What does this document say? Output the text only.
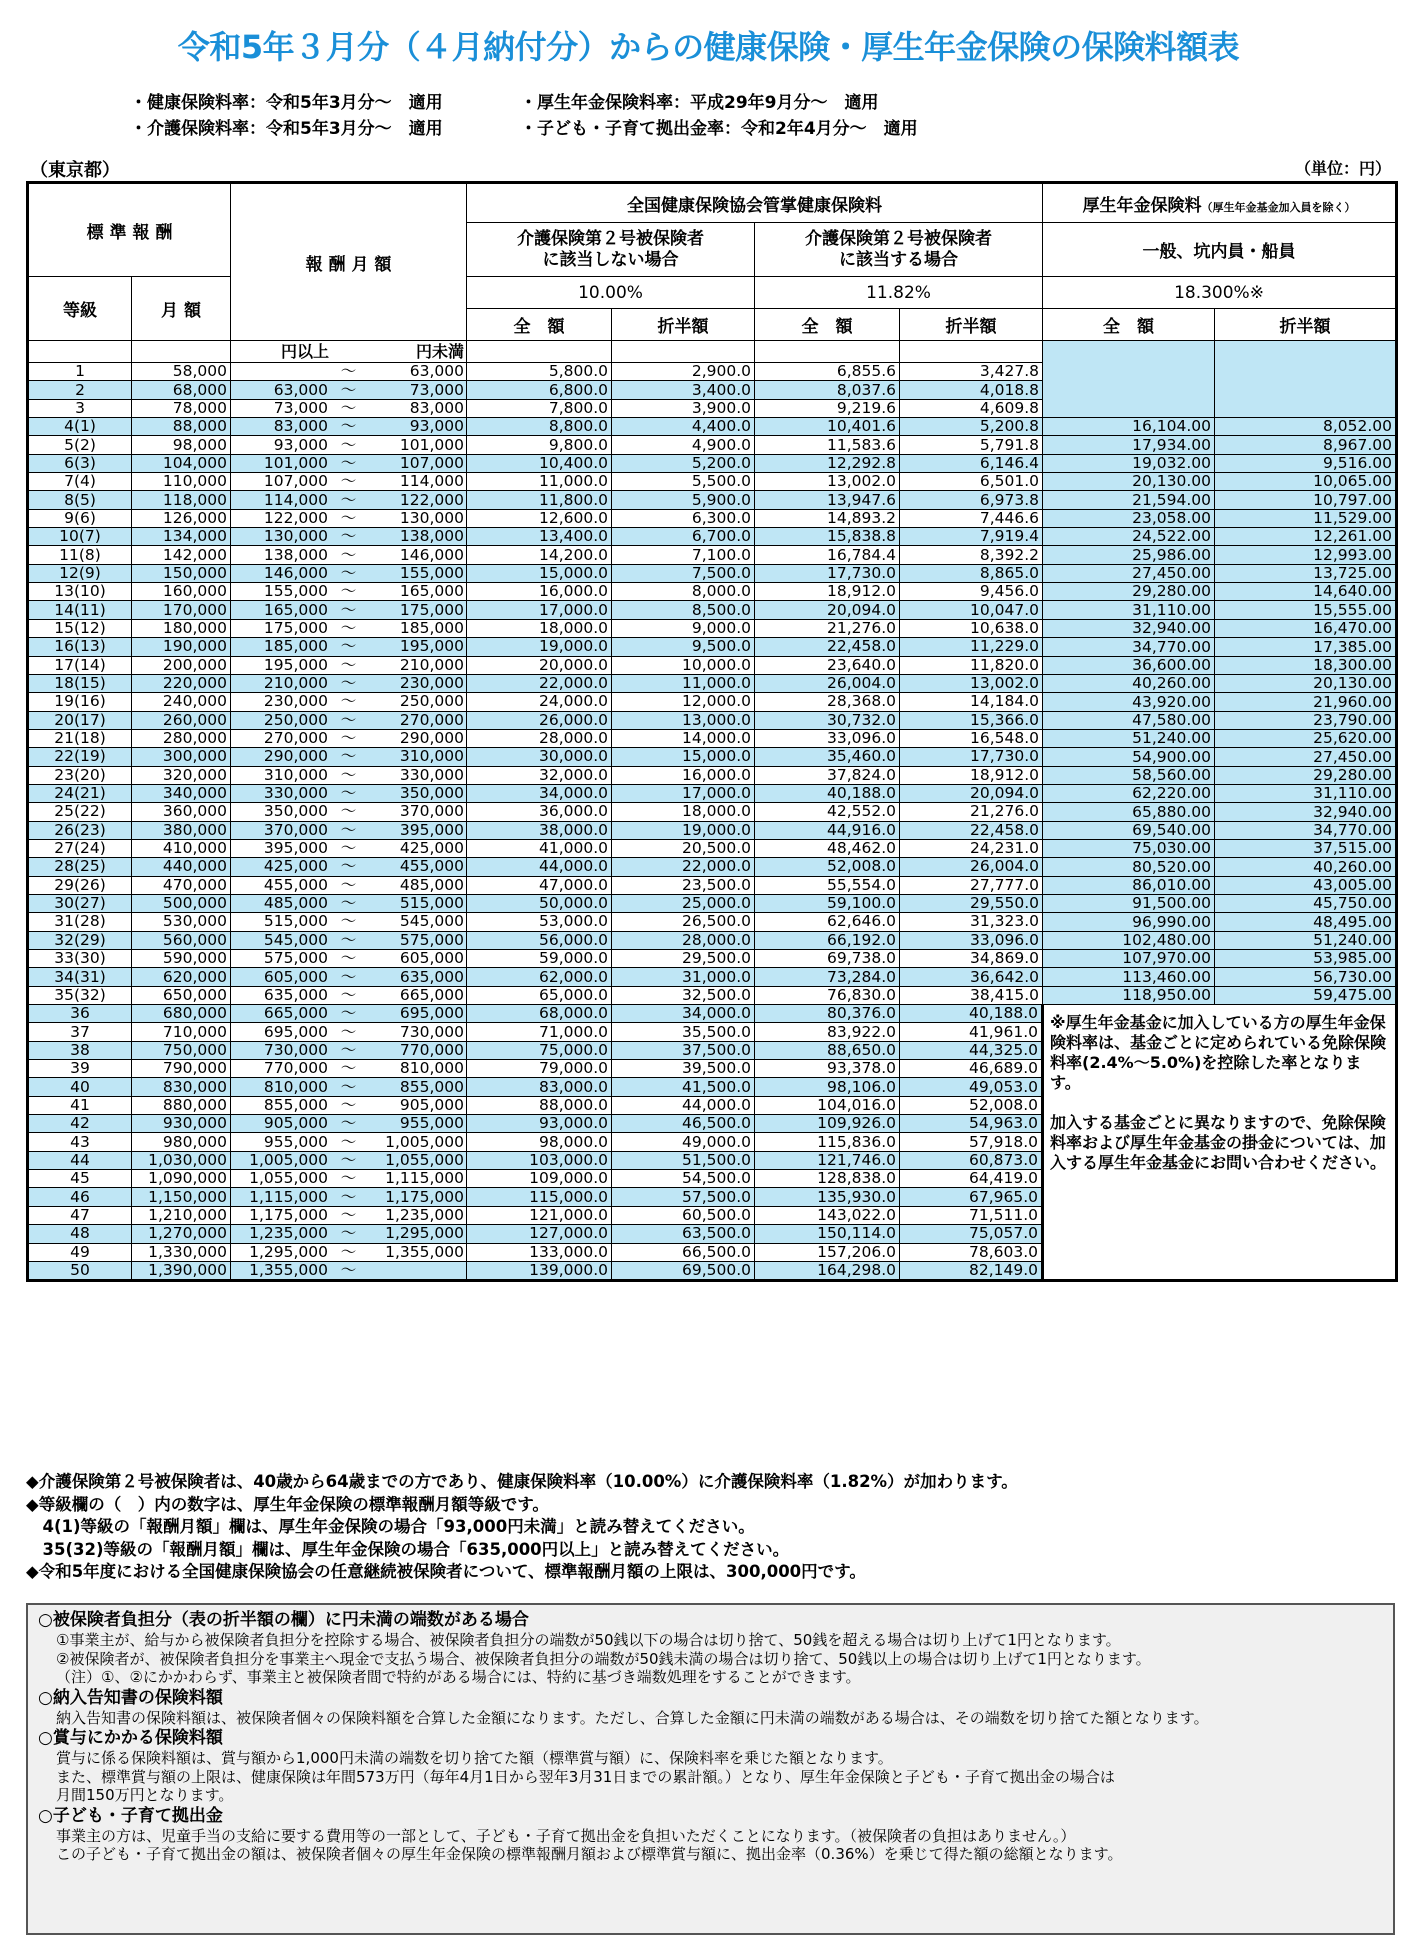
令和5年３月分（４月納付分）からの健康保険・厚生年金保険の保険料額表
・健康保険料率：令和5年3月分～　適用	・厚生年金保険料率：平成29年9月分～　適用
・介護保険料率：令和5年3月分～　適用	・子ども・子育て拠出金率：令和2年4月分～　適用
（東京都）	（単位：円）
標 準 報 酬		報 酬 月 額	全国健康保険協会管掌健康保険料				厚生年金保険料（厚生年金基金加入員を除く）	
			介護保険第２号被保険者
に該当しない場合		介護保険第２号被保険者
に該当する場合		一般、坑内員・船員	
等級	月 額		10.00%		11.82%		18.300%※	
			全　額	折半額	全　額	折半額	全　額	折半額
		円以上 円未満						

1	58,000	～ 63,000	5,800.0	2,900.0	6,855.6	3,427.8		
2	68,000	63,000 ～ 73,000	6,800.0	3,400.0	8,037.6	4,018.8		
3	78,000	73,000 ～ 83,000	7,800.0	3,900.0	9,219.6	4,609.8		
4(1)	88,000	83,000 ～ 93,000	8,800.0	4,400.0	10,401.6	5,200.8	16,104.00	8,052.00
5(2)	98,000	93,000 ～ 101,000	9,800.0	4,900.0	11,583.6	5,791.8	17,934.00	8,967.00
6(3)	104,000	101,000 ～ 107,000	10,400.0	5,200.0	12,292.8	6,146.4	19,032.00	9,516.00
7(4)	110,000	107,000 ～ 114,000	11,000.0	5,500.0	13,002.0	6,501.0	20,130.00	10,065.00
8(5)	118,000	114,000 ～ 122,000	11,800.0	5,900.0	13,947.6	6,973.8	21,594.00	10,797.00
9(6)	126,000	122,000 ～ 130,000	12,600.0	6,300.0	14,893.2	7,446.6	23,058.00	11,529.00
10(7)	134,000	130,000 ～ 138,000	13,400.0	6,700.0	15,838.8	7,919.4	24,522.00	12,261.00
11(8)	142,000	138,000 ～ 146,000	14,200.0	7,100.0	16,784.4	8,392.2	25,986.00	12,993.00
12(9)	150,000	146,000 ～ 155,000	15,000.0	7,500.0	17,730.0	8,865.0	27,450.00	13,725.00
13(10)	160,000	155,000 ～ 165,000	16,000.0	8,000.0	18,912.0	9,456.0	29,280.00	14,640.00
14(11)	170,000	165,000 ～ 175,000	17,000.0	8,500.0	20,094.0	10,047.0	31,110.00	15,555.00
15(12)	180,000	175,000 ～ 185,000	18,000.0	9,000.0	21,276.0	10,638.0	32,940.00	16,470.00
16(13)	190,000	185,000 ～ 195,000	19,000.0	9,500.0	22,458.0	11,229.0	34,770.00	17,385.00
17(14)	200,000	195,000 ～ 210,000	20,000.0	10,000.0	23,640.0	11,820.0	36,600.00	18,300.00
18(15)	220,000	210,000 ～ 230,000	22,000.0	11,000.0	26,004.0	13,002.0	40,260.00	20,130.00
19(16)	240,000	230,000 ～ 250,000	24,000.0	12,000.0	28,368.0	14,184.0	43,920.00	21,960.00
20(17)	260,000	250,000 ～ 270,000	26,000.0	13,000.0	30,732.0	15,366.0	47,580.00	23,790.00
21(18)	280,000	270,000 ～ 290,000	28,000.0	14,000.0	33,096.0	16,548.0	51,240.00	25,620.00
22(19)	300,000	290,000 ～ 310,000	30,000.0	15,000.0	35,460.0	17,730.0	54,900.00	27,450.00
23(20)	320,000	310,000 ～ 330,000	32,000.0	16,000.0	37,824.0	18,912.0	58,560.00	29,280.00
24(21)	340,000	330,000 ～ 350,000	34,000.0	17,000.0	40,188.0	20,094.0	62,220.00	31,110.00
25(22)	360,000	350,000 ～ 370,000	36,000.0	18,000.0	42,552.0	21,276.0	65,880.00	32,940.00
26(23)	380,000	370,000 ～ 395,000	38,000.0	19,000.0	44,916.0	22,458.0	69,540.00	34,770.00
27(24)	410,000	395,000 ～ 425,000	41,000.0	20,500.0	48,462.0	24,231.0	75,030.00	37,515.00
28(25)	440,000	425,000 ～ 455,000	44,000.0	22,000.0	52,008.0	26,004.0	80,520.00	40,260.00
29(26)	470,000	455,000 ～ 485,000	47,000.0	23,500.0	55,554.0	27,777.0	86,010.00	43,005.00
30(27)	500,000	485,000 ～ 515,000	50,000.0	25,000.0	59,100.0	29,550.0	91,500.00	45,750.00
31(28)	530,000	515,000 ～ 545,000	53,000.0	26,500.0	62,646.0	31,323.0	96,990.00	48,495.00
32(29)	560,000	545,000 ～ 575,000	56,000.0	28,000.0	66,192.0	33,096.0	102,480.00	51,240.00
33(30)	590,000	575,000 ～ 605,000	59,000.0	29,500.0	69,738.0	34,869.0	107,970.00	53,985.00
34(31)	620,000	605,000 ～ 635,000	62,000.0	31,000.0	73,284.0	36,642.0	113,460.00	56,730.00
35(32)	650,000	635,000 ～ 665,000	65,000.0	32,500.0	76,830.0	38,415.0	118,950.00	59,475.00
36	680,000	665,000 ～ 695,000	68,000.0	34,000.0	80,376.0	40,188.0	※厚生年金基金に加入している方の厚生年金保険料率は、基金ごとに定められている免除保険料率(2.4%～5.0%)を控除した率となります。

加入する基金ごとに異なりますので、免除保険料率および厚生年金基金の掛金については、加入する厚生年金基金にお問い合わせください。	
37	710,000	695,000 ～ 730,000	71,000.0	35,500.0	83,922.0	41,961.0		
38	750,000	730,000 ～ 770,000	75,000.0	37,500.0	88,650.0	44,325.0		
39	790,000	770,000 ～ 810,000	79,000.0	39,500.0	93,378.0	46,689.0		
40	830,000	810,000 ～ 855,000	83,000.0	41,500.0	98,106.0	49,053.0		
41	880,000	855,000 ～ 905,000	88,000.0	44,000.0	104,016.0	52,008.0		
42	930,000	905,000 ～ 955,000	93,000.0	46,500.0	109,926.0	54,963.0		
43	980,000	955,000 ～ 1,005,000	98,000.0	49,000.0	115,836.0	57,918.0		
44	1,030,000	1,005,000 ～ 1,055,000	103,000.0	51,500.0	121,746.0	60,873.0		
45	1,090,000	1,055,000 ～ 1,115,000	109,000.0	54,500.0	128,838.0	64,419.0		
46	1,150,000	1,115,000 ～ 1,175,000	115,000.0	57,500.0	135,930.0	67,965.0		
47	1,210,000	1,175,000 ～ 1,235,000	121,000.0	60,500.0	143,022.0	71,511.0		
48	1,270,000	1,235,000 ～ 1,295,000	127,000.0	63,500.0	150,114.0	75,057.0		
49	1,330,000	1,295,000 ～ 1,355,000	133,000.0	66,500.0	157,206.0	78,603.0		
50	1,390,000	1,355,000 ～	139,000.0	69,500.0	164,298.0	82,149.0		
◆介護保険第２号被保険者は、40歳から64歳までの方であり、健康保険料率（10.00%）に介護保険料率（1.82%）が加わります。
◆等級欄の（　）内の数字は、厚生年金保険の標準報酬月額等級です。
　4(1)等級の「報酬月額」欄は、厚生年金保険の場合「93,000円未満」と読み替えてください。
　35(32)等級の「報酬月額」欄は、厚生年金保険の場合「635,000円以上」と読み替えてください。
◆令和5年度における全国健康保険協会の任意継続被保険者について、標準報酬月額の上限は、300,000円です。
○被保険者負担分（表の折半額の欄）に円未満の端数がある場合
①事業主が、給与から被保険者負担分を控除する場合、被保険者負担分の端数が50銭以下の場合は切り捨て、50銭を超える場合は切り上げて1円となります。
②被保険者が、被保険者負担分を事業主へ現金で支払う場合、被保険者負担分の端数が50銭未満の場合は切り捨て、50銭以上の場合は切り上げて1円となります。
（注）①、②にかかわらず、事業主と被保険者間で特約がある場合には、特約に基づき端数処理をすることができます。
○納入告知書の保険料額
納入告知書の保険料額は、被保険者個々の保険料額を合算した金額になります。ただし、合算した金額に円未満の端数がある場合は、その端数を切り捨てた額となります。
○賞与にかかる保険料額
賞与に係る保険料額は、賞与額から1,000円未満の端数を切り捨てた額（標準賞与額）に、保険料率を乗じた額となります。
また、標準賞与額の上限は、健康保険は年間573万円（毎年4月1日から翌年3月31日までの累計額。）となり、厚生年金保険と子ども・子育て拠出金の場合は
月間150万円となります。
○子ども・子育て拠出金
事業主の方は、児童手当の支給に要する費用等の一部として、子ども・子育て拠出金を負担いただくことになります。（被保険者の負担はありません。）
この子ども・子育て拠出金の額は、被保険者個々の厚生年金保険の標準報酬月額および標準賞与額に、拠出金率（0.36%）を乗じて得た額の総額となります。
